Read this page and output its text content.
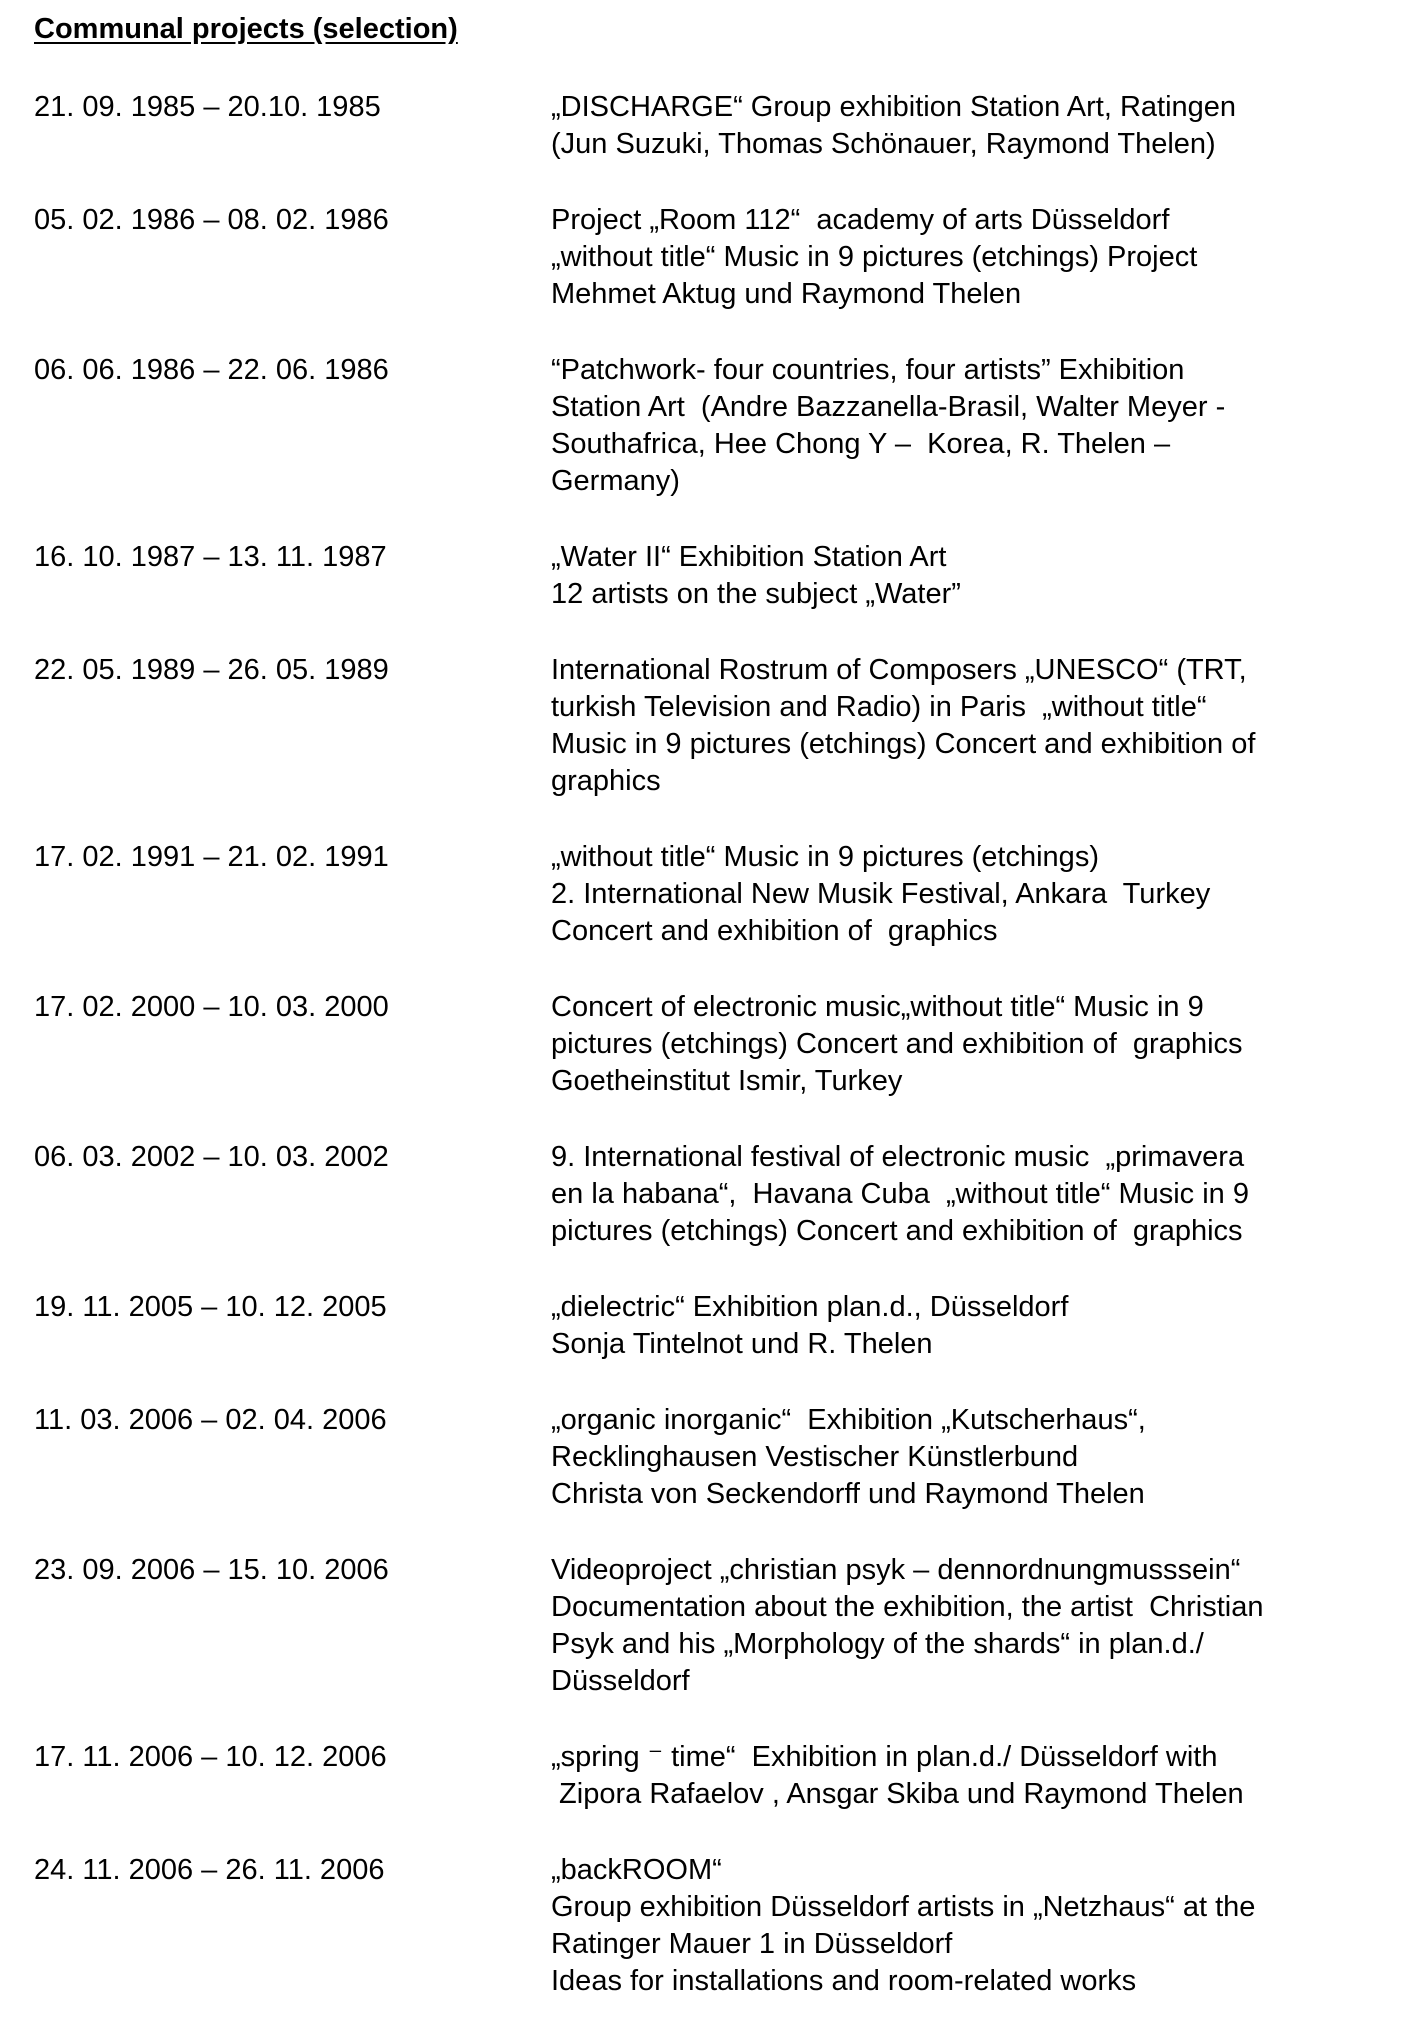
Communal projects (selection)
21. 09. 1985 – 20.10. 1985	„DISCHARGE“ Group exhibition Station Art, Ratingen
(Jun Suzuki, Thomas Schönauer, Raymond Thelen)
05. 02. 1986 – 08. 02. 1986	Project „Room 112“  academy of arts Düsseldorf
„without title“ Music in 9 pictures (etchings) Project
Mehmet Aktug und Raymond Thelen
06. 06. 1986 – 22. 06. 1986	“Patchwork- four countries, four artists” Exhibition
Station Art  (Andre Bazzanella-Brasil, Walter Meyer -
Southafrica, Hee Chong Y –  Korea, R. Thelen –
Germany)
16. 10. 1987 – 13. 11. 1987	„Water II“ Exhibition Station Art
12 artists on the subject „Water”
22. 05. 1989 – 26. 05. 1989	International Rostrum of Composers „UNESCO“ (TRT,
turkish Television and Radio) in Paris  „without title“
Music in 9 pictures (etchings) Concert and exhibition of
graphics
17. 02. 1991 – 21. 02. 1991	„without title“ Music in 9 pictures (etchings)
2. International New Musik Festival, Ankara  Turkey
Concert and exhibition of  graphics
17. 02. 2000 – 10. 03. 2000	Concert of electronic music„without title“ Music in 9
pictures (etchings) Concert and exhibition of  graphics
Goetheinstitut Ismir, Turkey
06. 03. 2002 – 10. 03. 2002	9. International festival of electronic music  „primavera
en la habana“,  Havana Cuba  „without title“ Music in 9
pictures (etchings) Concert and exhibition of  graphics
19. 11. 2005 – 10. 12. 2005	„dielectric“ Exhibition plan.d., Düsseldorf
Sonja Tintelnot und R. Thelen
11. 03. 2006 – 02. 04. 2006	„organic inorganic“  Exhibition „Kutscherhaus“,
Recklinghausen Vestischer Künstlerbund
Christa von Seckendorff und Raymond Thelen
23. 09. 2006 – 15. 10. 2006	Videoproject „christian psyk – dennordnungmusssein“
Documentation about the exhibition, the artist  Christian
Psyk and his „Morphology of the shards“ in plan.d./
Düsseldorf
17. 11. 2006 – 10. 12. 2006	„spring ⁻ time“  Exhibition in plan.d./ Düsseldorf with
Zipora Rafaelov , Ansgar Skiba und Raymond Thelen
24. 11. 2006 – 26. 11. 2006	„backROOM“
Group exhibition Düsseldorf artists in „Netzhaus“ at the
Ratinger Mauer 1 in Düsseldorf
Ideas for installations and room-related works
